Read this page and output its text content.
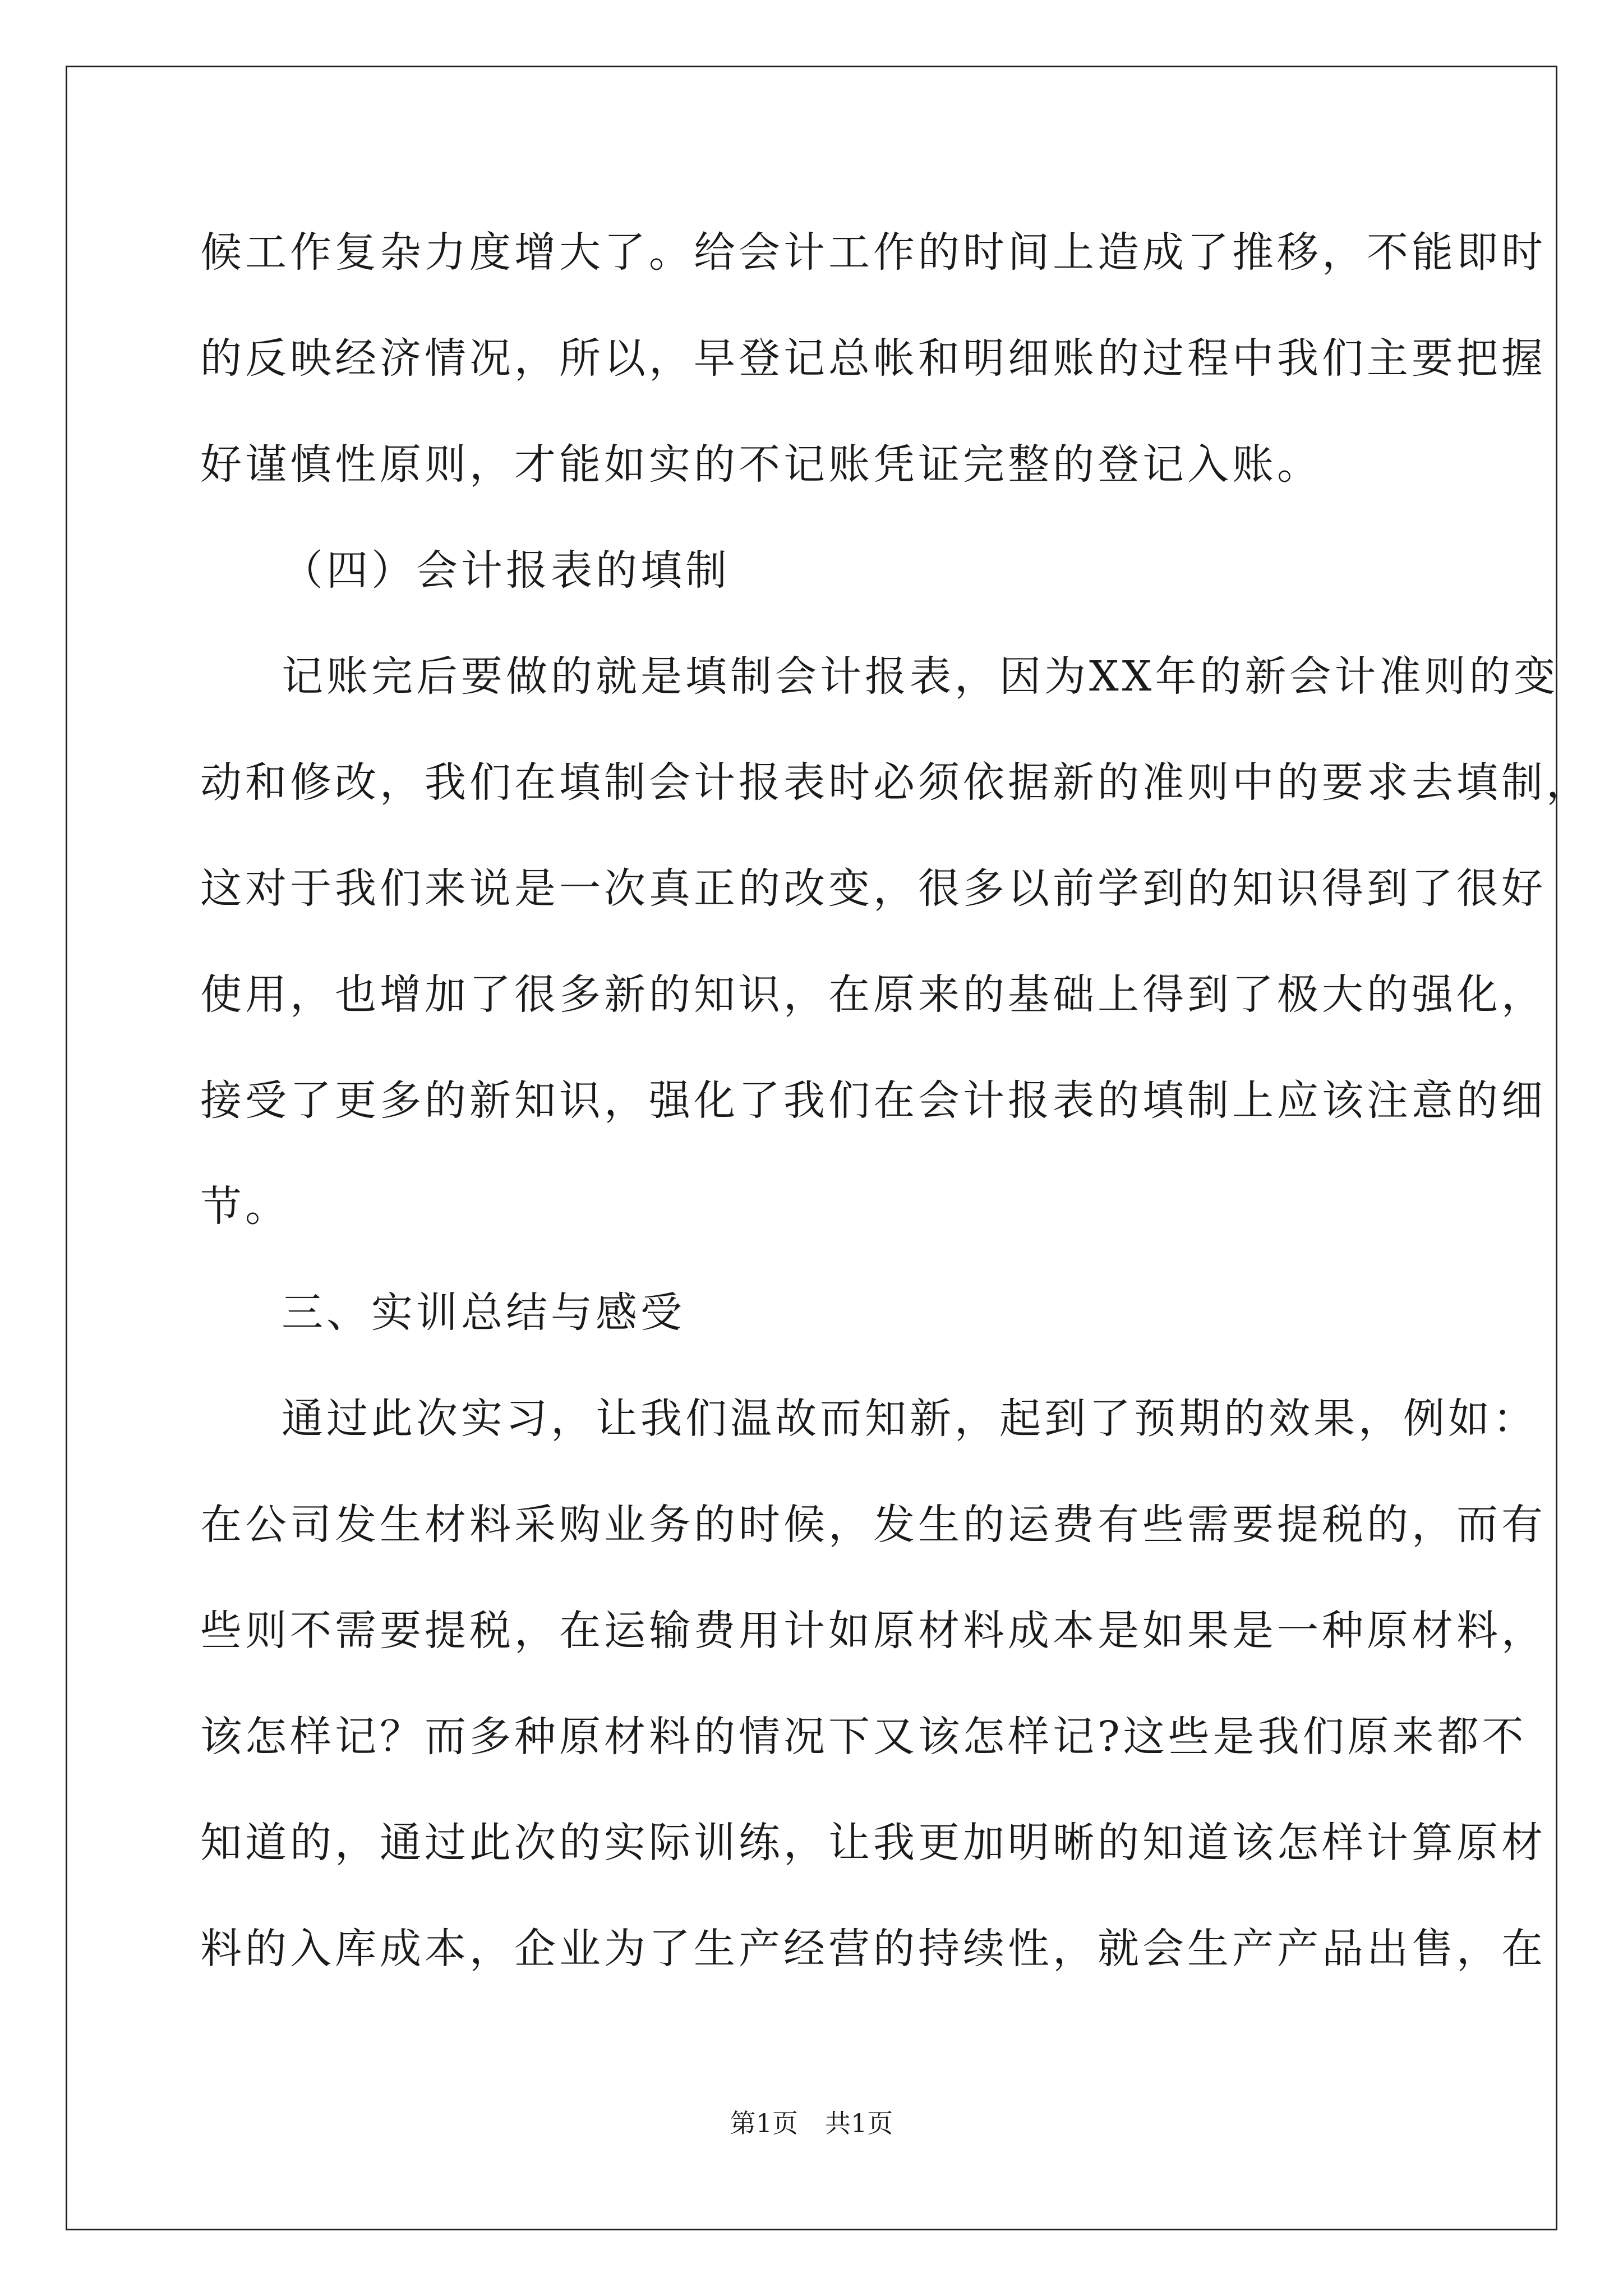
候工作复杂力度增大了。给会计工作的时间上造成了推移，不能即时
的反映经济情况，所以，早登记总帐和明细账的过程中我们主要把握
好谨慎性原则，才能如实的不记账凭证完整的登记入账。
（四）会计报表的填制
记账完后要做的就是填制会计报表，因为XX年的新会计准则的变
动和修改，我们在填制会计报表时必须依据新的准则中的要求去填制，
这对于我们来说是一次真正的改变，很多以前学到的知识得到了很好
使用，也增加了很多新的知识，在原来的基础上得到了极大的强化，
接受了更多的新知识，强化了我们在会计报表的填制上应该注意的细
节。
三、实训总结与感受
通过此次实习，让我们温故而知新，起到了预期的效果，例如：
在公司发生材料采购业务的时候，发生的运费有些需要提税的，而有
些则不需要提税，在运输费用计如原材料成本是如果是一种原材料，
该怎样记？而多种原材料的情况下又该怎样记?这些是我们原来都不
知道的，通过此次的实际训练，让我更加明晰的知道该怎样计算原材
料的入库成本，企业为了生产经营的持续性，就会生产产品出售，在
第1页 共1页
